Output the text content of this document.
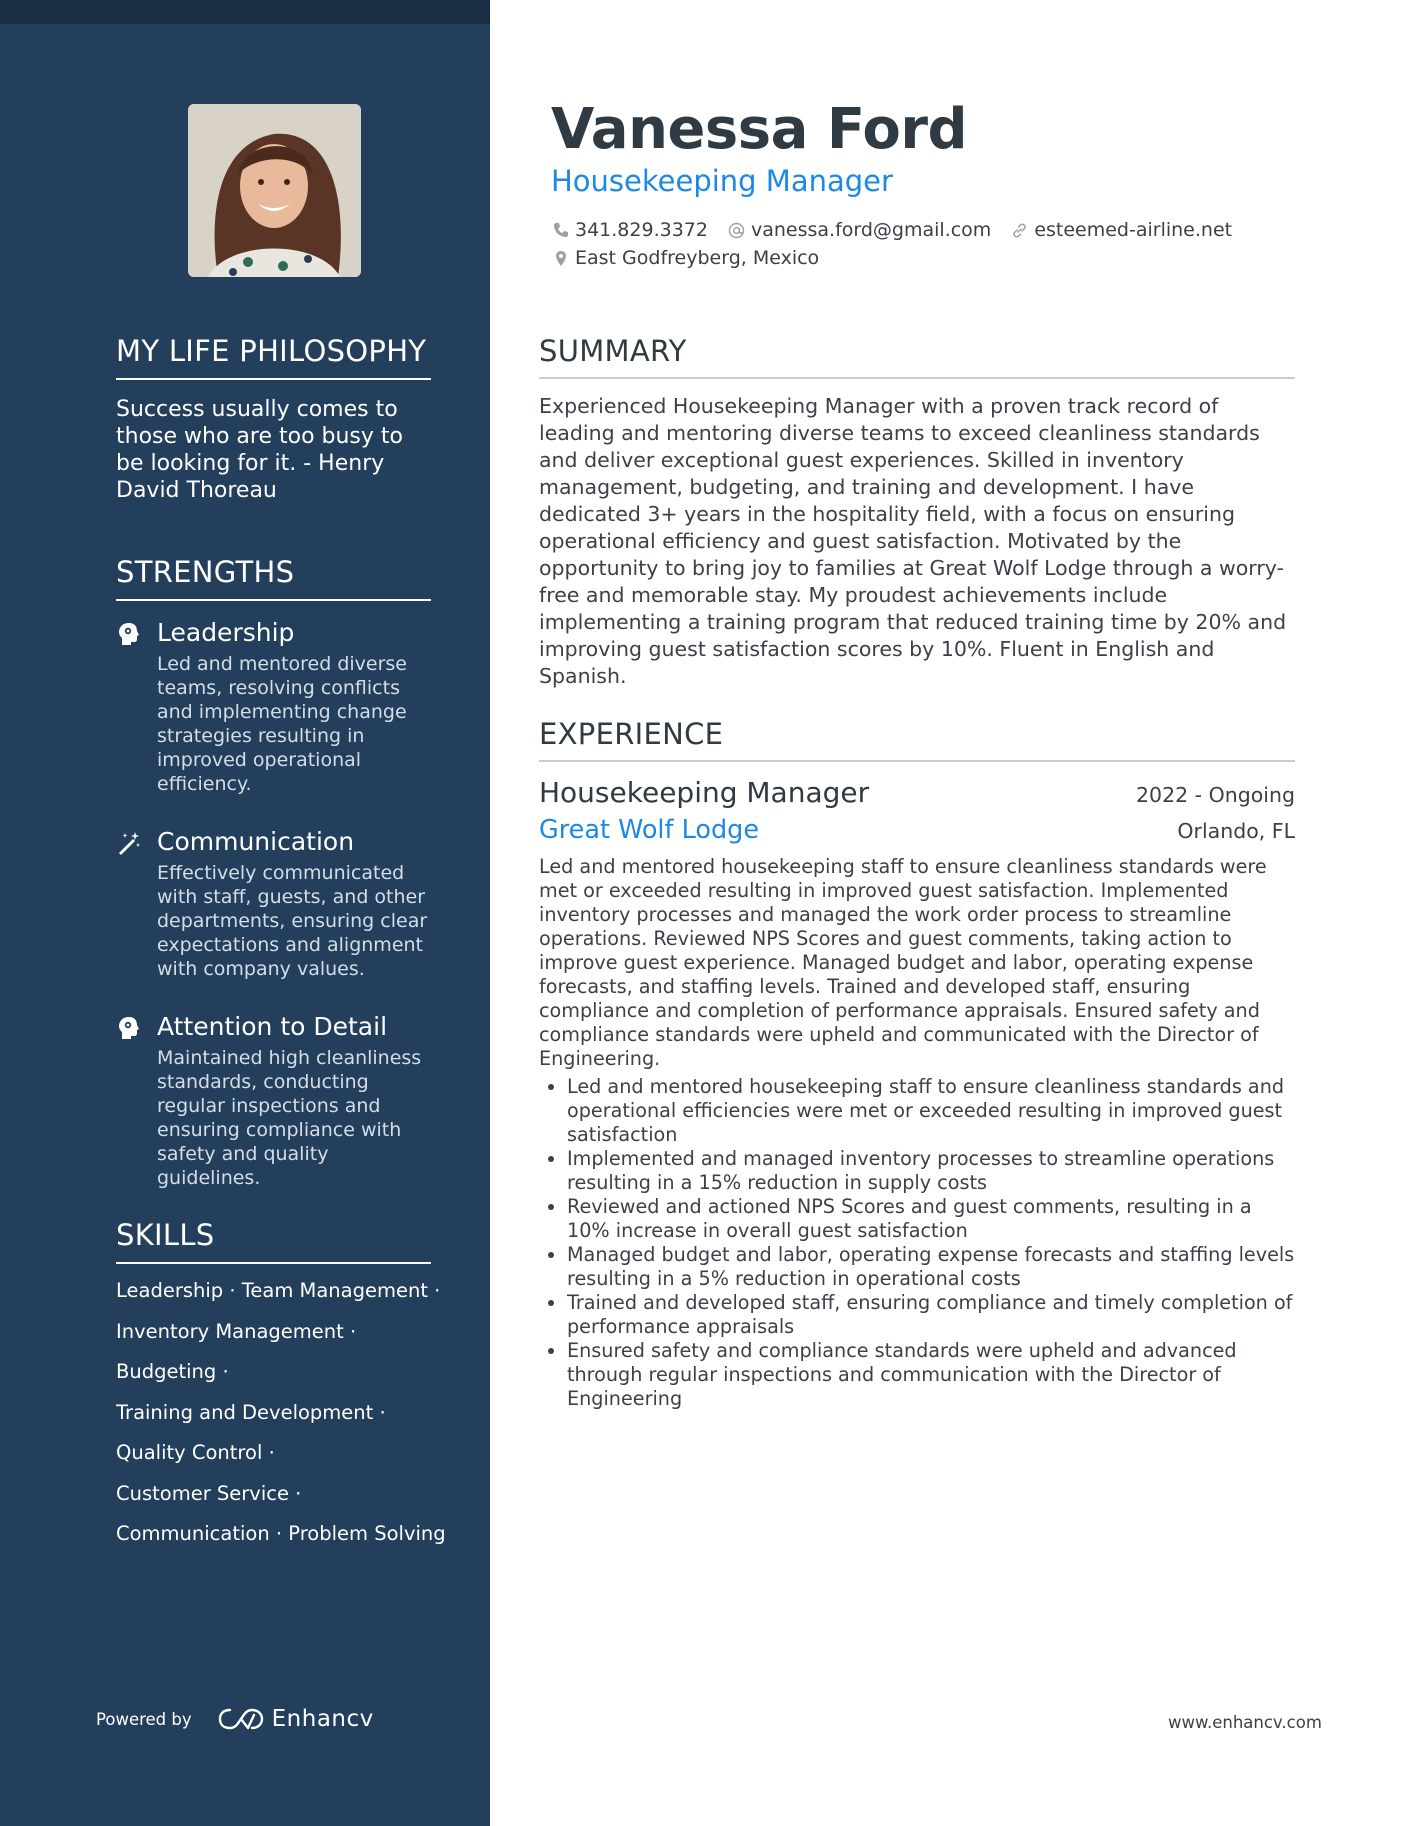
MY LIFE PHILOSOPHY
Success usually comes to those who are too busy to be looking for it. - Henry David Thoreau
STRENGTHS
Leadership
Led and mentored diverse teams, resolving conflicts and implementing change strategies resulting in improved operational efficiency.
Communication
Effectively communicated with staff, guests, and other departments, ensuring clear expectations and alignment with company values.
Attention to Detail
Maintained high cleanliness standards, conducting regular inspections and ensuring compliance with safety and quality guidelines.
SKILLS
Leadership · Team Management ·
Inventory Management ·
Budgeting ·
Training and Development ·
Quality Control ·
Customer Service ·
Communication · Problem Solving
Powered by	Enhancv
Vanessa Ford
Housekeeping Manager
341.829.3372 vanessa.ford@gmail.com esteemed-airline.net
East Godfreyberg, Mexico
SUMMARY
Experienced Housekeeping Manager with a proven track record of leading and mentoring diverse teams to exceed cleanliness standards and deliver exceptional guest experiences. Skilled in inventory management, budgeting, and training and development. I have dedicated 3+ years in the hospitality field, with a focus on ensuring operational efficiency and guest satisfaction. Motivated by the opportunity to bring joy to families at Great Wolf Lodge through a worry-free and memorable stay. My proudest achievements include implementing a training program that reduced training time by 20% and improving guest satisfaction scores by 10%. Fluent in English and Spanish.
EXPERIENCE
Housekeeping Manager	2022 - Ongoing
Great Wolf Lodge	Orlando, FL
Led and mentored housekeeping staff to ensure cleanliness standards were met or exceeded resulting in improved guest satisfaction. Implemented inventory processes and managed the work order process to streamline operations. Reviewed NPS Scores and guest comments, taking action to improve guest experience. Managed budget and labor, operating expense forecasts, and staffing levels. Trained and developed staff, ensuring compliance and completion of performance appraisals. Ensured safety and compliance standards were upheld and communicated with the Director of Engineering.
• Led and mentored housekeeping staff to ensure cleanliness standards and operational efficiencies were met or exceeded resulting in improved guest satisfaction
• Implemented and managed inventory processes to streamline operations resulting in a 15% reduction in supply costs
• Reviewed and actioned NPS Scores and guest comments, resulting in a 10% increase in overall guest satisfaction
• Managed budget and labor, operating expense forecasts and staffing levels resulting in a 5% reduction in operational costs
• Trained and developed staff, ensuring compliance and timely completion of performance appraisals
• Ensured safety and compliance standards were upheld and advanced through regular inspections and communication with the Director of Engineering
www.enhancv.com
